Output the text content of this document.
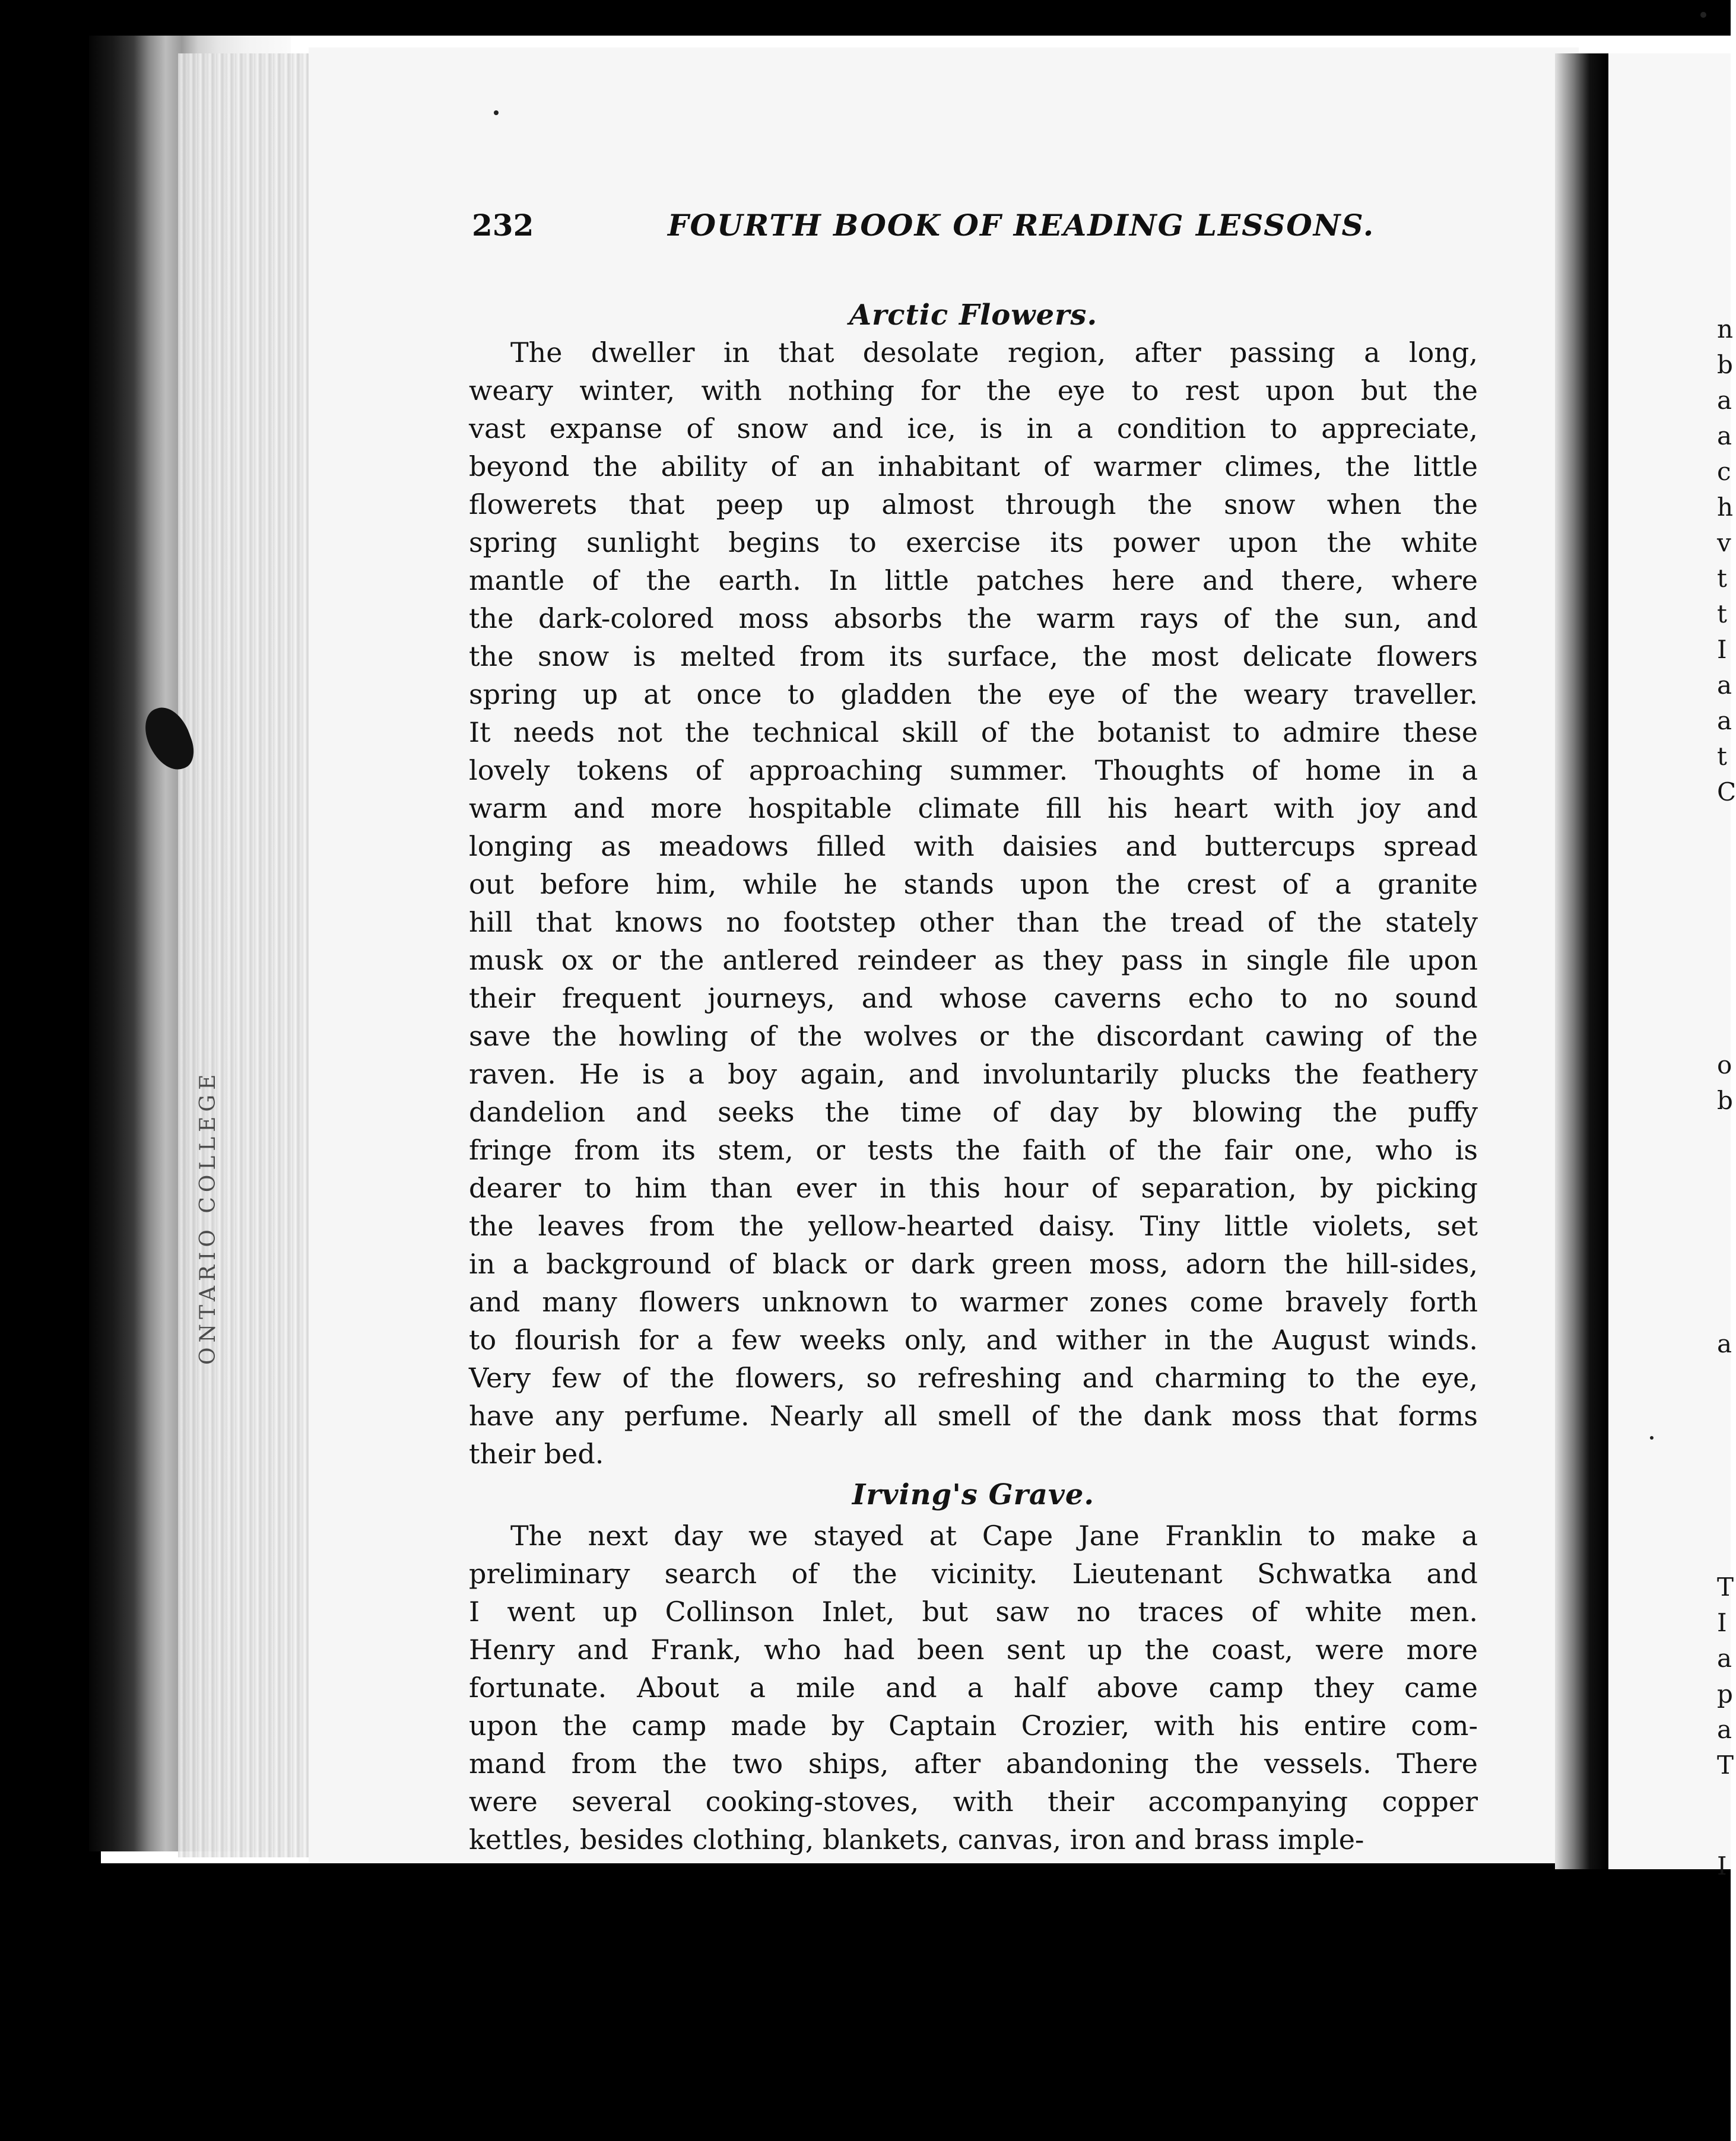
232	FOURTH BOOK OF READING LESSONS.
Arctic Flowers.
The dweller in that desolate region, after passing a long,
weary winter, with nothing for the eye to rest upon but the
vast expanse of snow and ice, is in a condition to appreciate,
beyond the ability of an inhabitant of warmer climes, the little
flowerets that peep up almost through the snow when the
spring sunlight begins to exercise its power upon the white
mantle of the earth. In little patches here and there, where
the dark-colored moss absorbs the warm rays of the sun, and
the snow is melted from its surface, the most delicate flowers
spring up at once to gladden the eye of the weary traveller.
It needs not the technical skill of the botanist to admire these
lovely tokens of approaching summer. Thoughts of home in a
warm and more hospitable climate fill his heart with joy and
longing as meadows filled with daisies and buttercups spread
out before him, while he stands upon the crest of a granite
hill that knows no footstep other than the tread of the stately
musk ox or the antlered reindeer as they pass in single file upon
their frequent journeys, and whose caverns echo to no sound
save the howling of the wolves or the discordant cawing of the
raven. He is a boy again, and involuntarily plucks the feathery
dandelion and seeks the time of day by blowing the puffy
fringe from its stem, or tests the faith of the fair one, who is
dearer to him than ever in this hour of separation, by picking
the leaves from the yellow-hearted daisy. Tiny little violets, set
in a background of black or dark green moss, adorn the hill-sides,
and many flowers unknown to warmer zones come bravely forth
to flourish for a few weeks only, and wither in the August winds.
Very few of the flowers, so refreshing and charming to the eye,
have any perfume. Nearly all smell of the dank moss that forms
their bed.
Irving's Grave.
The next day we stayed at Cape Jane Franklin to make a
preliminary search of the vicinity. Lieutenant Schwatka and
I went up Collinson Inlet, but saw no traces of white men.
Henry and Frank, who had been sent up the coast, were more
fortunate. About a mile and a half above camp they came
upon the camp made by Captain Crozier, with his entire com-
mand from the two ships, after abandoning the vessels. There
were several cooking-stoves, with their accompanying copper
kettles, besides clothing, blankets, canvas, iron and brass imple-
n
b
a
a
c
h
v
t
t
I
a
a
t
C
o
b
a
T
I
a
p
a
T
I
